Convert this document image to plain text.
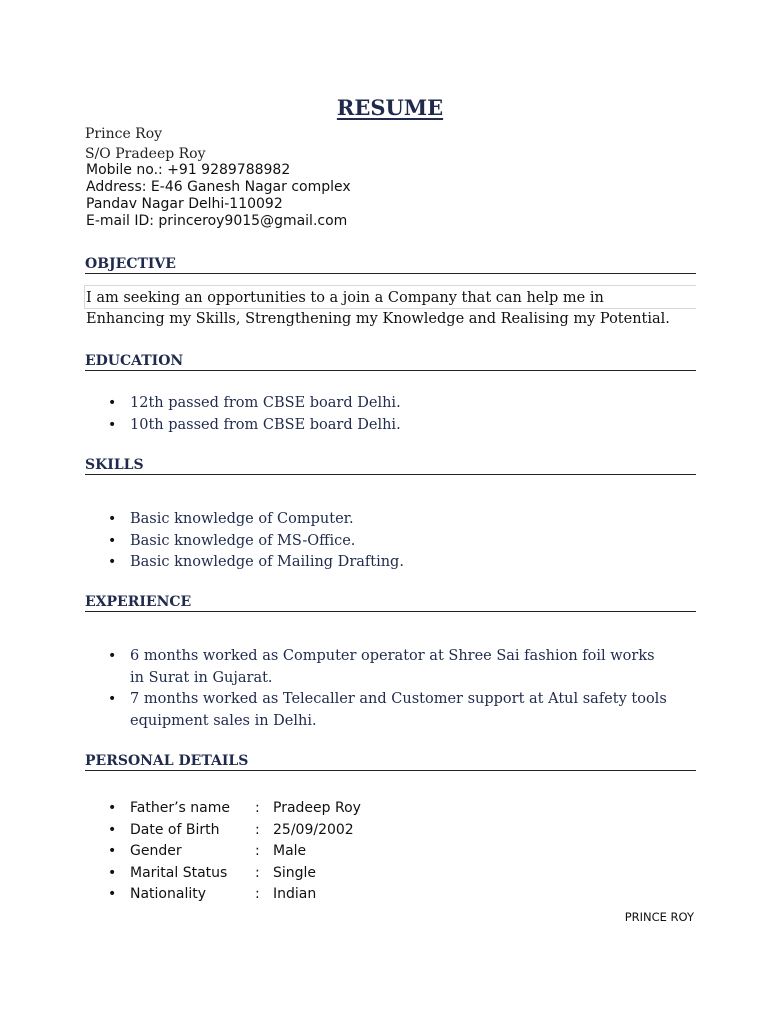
RESUME
Prince Roy
S/O Pradeep Roy
Mobile no.: +91 9289788982
Address: E-46 Ganesh Nagar complex
Pandav Nagar Delhi-110092
E-mail ID: princeroy9015@gmail.com
OBJECTIVE
I am seeking an opportunities to a join a Company that can help me in Enhancing my Skills, Strengthening my Knowledge and Realising my Potential.
EDUCATION
• 12th passed from CBSE board Delhi.
• 10th passed from CBSE board Delhi.
SKILLS
• Basic knowledge of Computer.
• Basic knowledge of MS-Office.
• Basic knowledge of Mailing Drafting.
EXPERIENCE
• 6 months worked as Computer operator at Shree Sai fashion foil works in Surat in Gujarat.
• 7 months worked as Telecaller and Customer support at Atul safety tools equipment sales in Delhi.
PERSONAL DETAILS
• Father’s name : Pradeep Roy
• Date of Birth	: 25/09/2002
• Gender	: Male
• Marital Status : Single
• Nationality	: Indian
PRINCE ROY
